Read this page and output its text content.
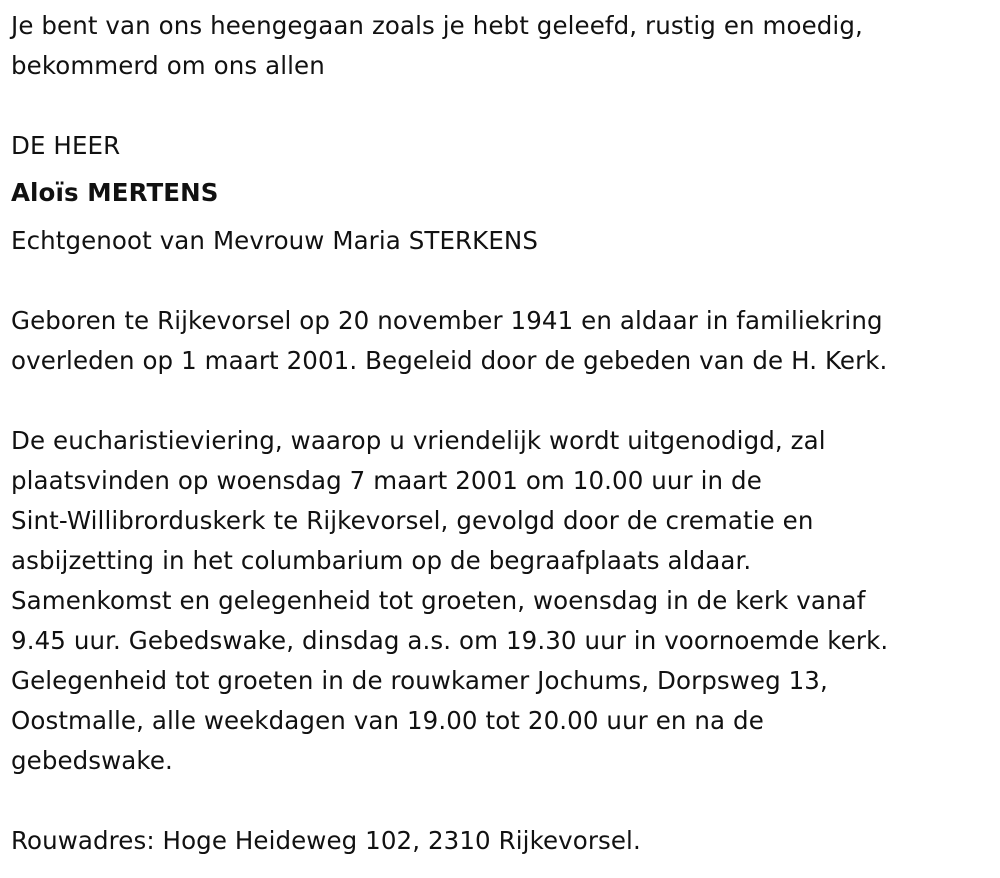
Je bent van ons heengegaan zoals je hebt geleefd, rustig en moedig,
bekommerd om ons allen
DE HEER
Aloïs MERTENS
Echtgenoot van Mevrouw Maria STERKENS
Geboren te Rijkevorsel op 20 november 1941 en aldaar in familiekring
overleden op 1 maart 2001. Begeleid door de gebeden van de H. Kerk.
De eucharistieviering, waarop u vriendelijk wordt uitgenodigd, zal
plaatsvinden op woensdag 7 maart 2001 om 10.00 uur in de
Sint-Willibrorduskerk te Rijkevorsel, gevolgd door de crematie en
asbijzetting in het columbarium op de begraafplaats aldaar.
Samenkomst en gelegenheid tot groeten, woensdag in de kerk vanaf
9.45 uur. Gebedswake, dinsdag a.s. om 19.30 uur in voornoemde kerk.
Gelegenheid tot groeten in de rouwkamer Jochums, Dorpsweg 13,
Oostmalle, alle weekdagen van 19.00 tot 20.00 uur en na de
gebedswake.
Rouwadres: Hoge Heideweg 102, 2310 Rijkevorsel.
